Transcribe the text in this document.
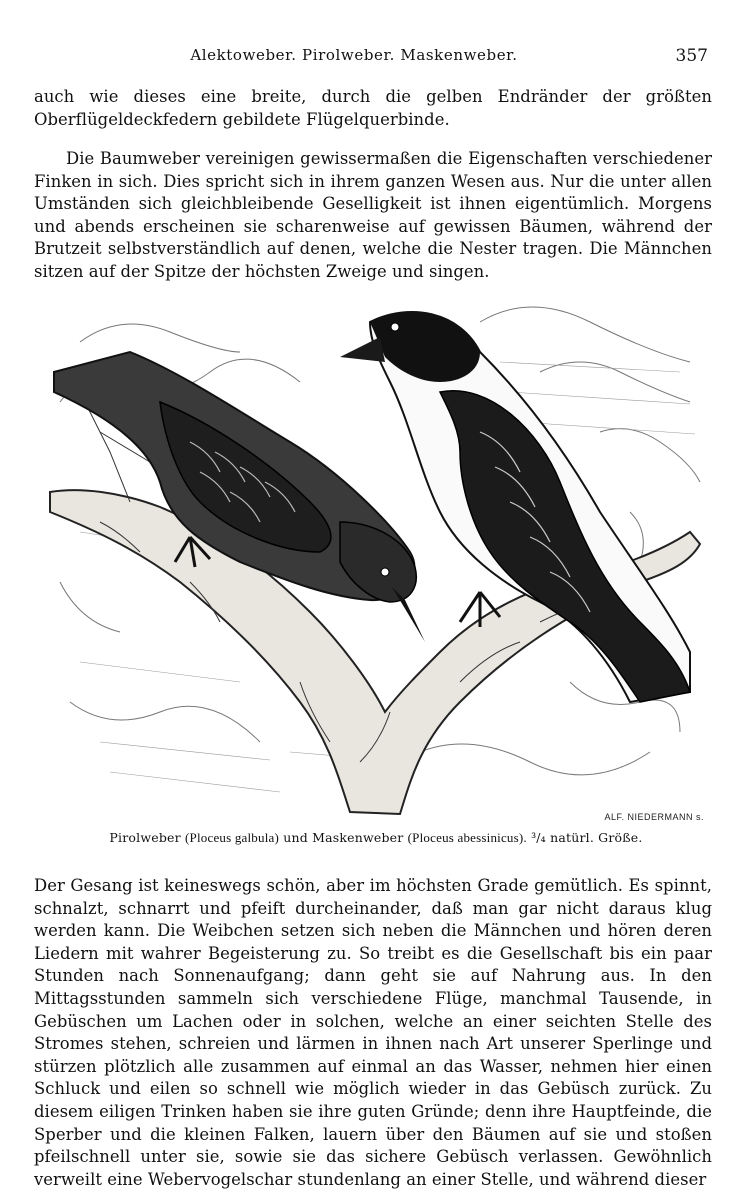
Alektoweber. Pirolweber. Maskenweber.	357
auch wie dieses eine breite, durch die gelben Endränder der größten Oberflügeldeckfedern gebildete Flügelquerbinde.
Die Baumweber vereinigen gewissermaßen die Eigenschaften verschiedener Finken in sich. Dies spricht sich in ihrem ganzen Wesen aus. Nur die unter allen Umständen sich gleichbleibende Geselligkeit ist ihnen eigentümlich. Morgens und abends erscheinen sie scharenweise auf gewissen Bäumen, während der Brutzeit selbstverständlich auf denen, welche die Nester tragen. Die Männchen sitzen auf der Spitze der höchsten Zweige und singen.
ALF. NIEDERMANN s.
Pirolweber (Ploceus galbula) und Maskenweber (Ploceus abessinicus). ³/₄ natürl. Größe.
Der Gesang ist keineswegs schön, aber im höchsten Grade gemütlich. Es spinnt, schnalzt, schnarrt und pfeift durcheinander, daß man gar nicht daraus klug werden kann. Die Weibchen setzen sich neben die Männchen und hören deren Liedern mit wahrer Begeisterung zu. So treibt es die Gesellschaft bis ein paar Stunden nach Sonnenaufgang; dann geht sie auf Nahrung aus. In den Mittagsstunden sammeln sich verschiedene Flüge, manchmal Tausende, in Gebüschen um Lachen oder in solchen, welche an einer seichten Stelle des Stromes stehen, schreien und lärmen in ihnen nach Art unserer Sperlinge und stürzen plötzlich alle zusammen auf einmal an das Wasser, nehmen hier einen Schluck und eilen so schnell wie möglich wieder in das Gebüsch zurück. Zu diesem eiligen Trinken haben sie ihre guten Gründe; denn ihre Hauptfeinde, die Sperber und die kleinen Falken, lauern über den Bäumen auf sie und stoßen pfeilschnell unter sie, sowie sie das sichere Gebüsch verlassen. Gewöhnlich verweilt eine Webervogelschar stundenlang an einer Stelle, und während dieser
